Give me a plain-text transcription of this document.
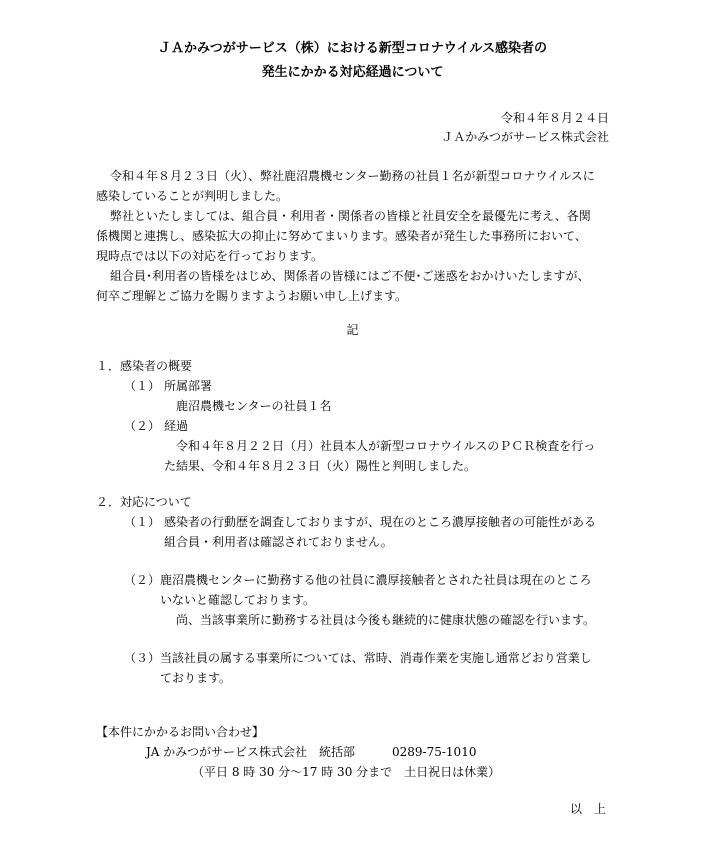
ＪＡかみつがサービス（株）における新型コロナウイルス感染者の
発生にかかる対応経過について
令和４年８月２４日
ＪＡかみつがサービス株式会社
令和４年８月２３日（火）、弊社鹿沼農機センター勤務の社員１名が新型コロナウイルスに
感染していることが判明しました。
弊社といたしましては、組合員・利用者・関係者の皆様と社員安全を最優先に考え、各関
係機関と連携し、感染拡大の抑止に努めてまいります。感染者が発生した事務所において、
現時点では以下の対応を行っております。
組合員･利用者の皆様をはじめ、関係者の皆様にはご不便･ご迷惑をおかけいたしますが、
何卒ご理解とご協力を賜りますようお願い申し上げます。
記
１．感染者の概要
（１） 所属部署
鹿沼農機センターの社員１名
（２） 経過
令和４年８月２２日（月）社員本人が新型コロナウイルスのＰＣＲ検査を行っ
た結果、令和４年８月２３日（火）陽性と判明しました。
２．対応について
（１） 感染者の行動歴を調査しておりますが、現在のところ濃厚接触者の可能性がある
組合員・利用者は確認されておりません。
（２） 鹿沼農機センターに勤務する他の社員に濃厚接触者とされた社員は現在のところ
いないと確認しております。
尚、当該事業所に勤務する社員は今後も継続的に健康状態の確認を行います。
（３） 当該社員の属する事業所については、常時、消毒作業を実施し通常どおり営業し
ております。
【本件にかかるお問い合わせ】
JA かみつがサービス株式会社　統括部	0289-75-1010
（平日 8 時 30 分～17 時 30 分まで　土日祝日は休業）
以　上
